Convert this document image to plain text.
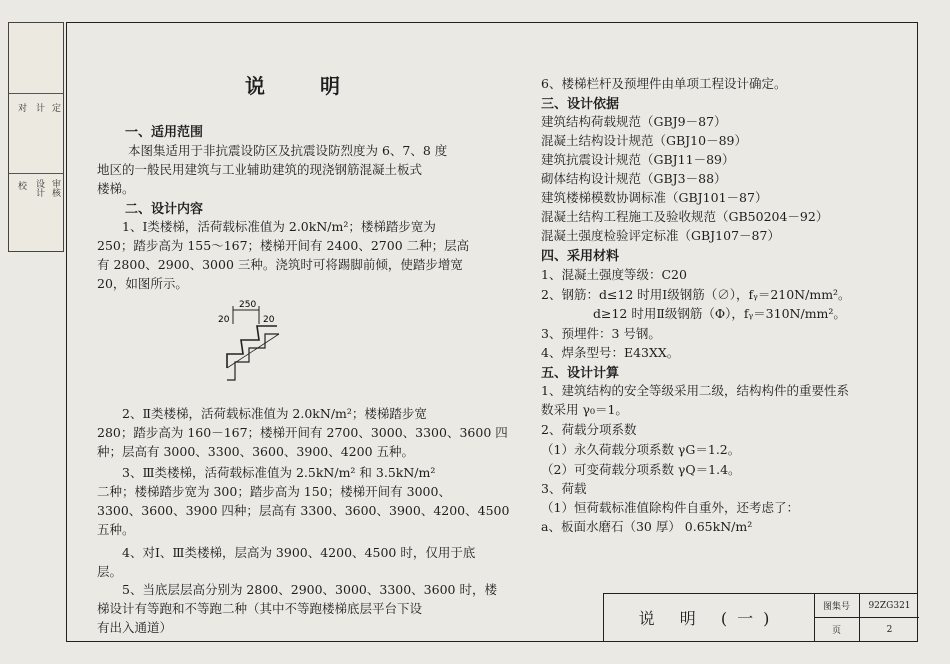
校 设计 审核
对 计 定
说 明
一、适用范围
本图集适用于非抗震设防区及抗震设防烈度为 6、7、8 度
地区的一般民用建筑与工业辅助建筑的现浇钢筋混凝土板式
楼梯。
二、设计内容
1、Ⅰ类楼梯，活荷载标准值为 2.0kN/m²；楼梯踏步宽为
250；踏步高为 155～167；楼梯开间有 2400、2700 二种；层高
有 2800、2900、3000 三种。浇筑时可将踢脚前倾，使踏步增宽
20，如图所示。
250
20	20
2、Ⅱ类楼梯，活荷载标准值为 2.0kN/m²；楼梯踏步宽
280；踏步高为 160－167；楼梯开间有 2700、3000、3300、3600 四
种；层高有 3000、3300、3600、3900、4200 五种。
3、Ⅲ类楼梯，活荷载标准值为 2.5kN/m² 和 3.5kN/m²
二种；楼梯踏步宽为 300；踏步高为 150；楼梯开间有 3000、
3300、3600、3900 四种；层高有 3300、3600、3900、4200、4500
五种。
4、对Ⅰ、Ⅲ类楼梯，层高为 3900、4200、4500 时，仅用于底
层。
5、当底层层高分别为 2800、2900、3000、3300、3600 时，楼
梯设计有等跑和不等跑二种（其中不等跑楼梯底层平台下设
有出入通道）
6、楼梯栏杆及预埋件由单项工程设计确定。
三、设计依据
建筑结构荷载规范（GBJ9－87）
混凝土结构设计规范（GBJ10－89）
建筑抗震设计规范（GBJ11－89）
砌体结构设计规范（GBJ3－88）
建筑楼梯模数协调标准（GBJ101－87）
混凝土结构工程施工及验收规范（GB50204－92）
混凝土强度检验评定标准（GBJ107－87）
四、采用材料
1、混凝土强度等级：C20
2、钢筋：d≤12 时用Ⅰ级钢筋（∅），fᵧ＝210N/mm²。
d≥12 时用Ⅱ级钢筋（Φ），fᵧ＝310N/mm²。
3、预埋件：3 号钢。
4、焊条型号：E43XX。
五、设计计算
1、建筑结构的安全等级采用二级，结构构件的重要性系
数采用 γ₀＝1。
2、荷载分项系数
（1）永久荷载分项系数 γG＝1.2。
（2）可变荷载分项系数 γQ＝1.4。
3、荷载
（1）恒荷载标准值除构件自重外，还考虑了：
a、板面水磨石（30 厚） 0.65kN/m²
说 明 (一)
图集号	92ZG321
页	2
